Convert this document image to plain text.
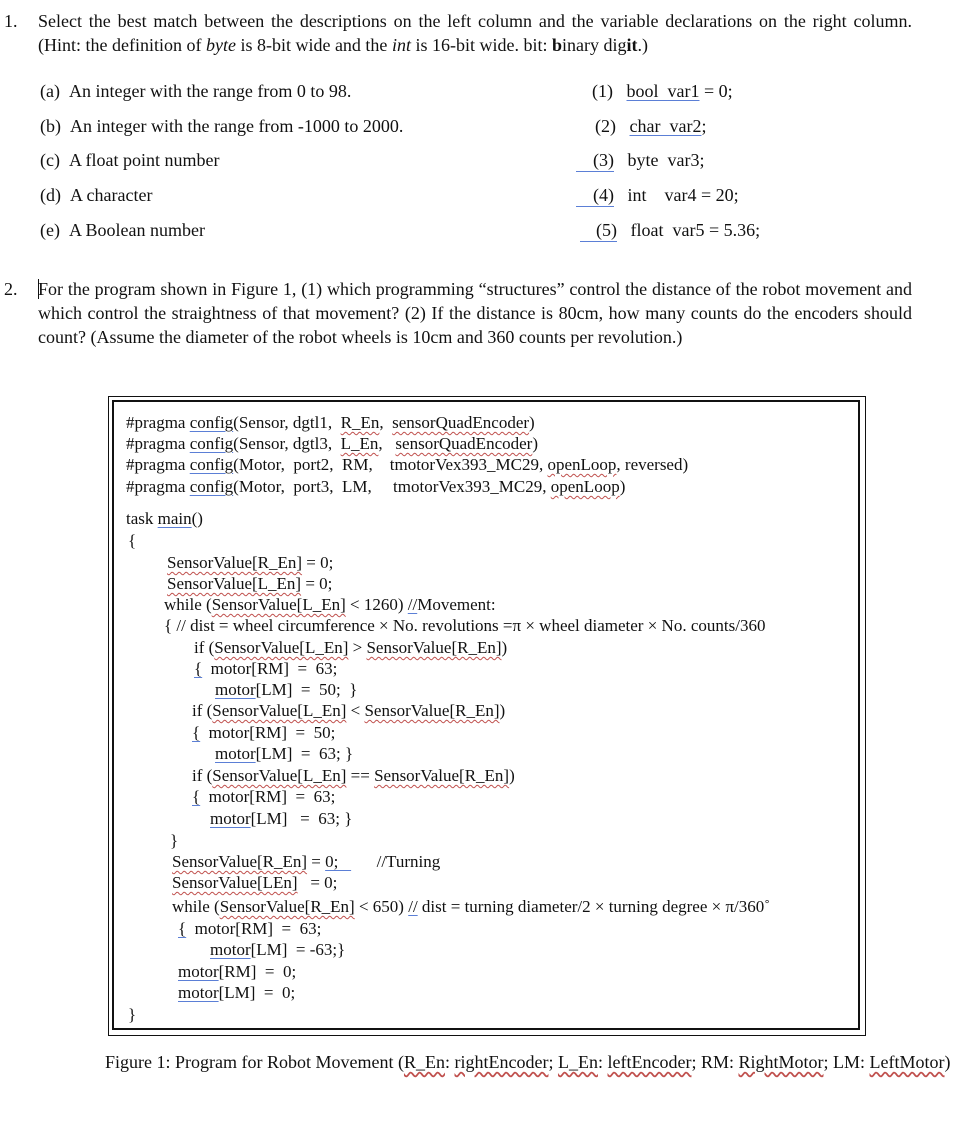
1. Select the best match between the descriptions on the left column and the variable declarations on the right column. (Hint: the definition of byte is 8-bit wide and the int is 16-bit wide. bit: binary digit.)
(a) An integer with the range from 0 to 98.
(b) An integer with the range from -1000 to 2000.
(c) A float point number
(d) A character
(e) A Boolean number
(1) bool var1 = 0;
(2) char var2;
(3) byte var3;
(4) int var4 = 20;
(5) float var5 = 5.36;
2. For the program shown in Figure 1, (1) which programming “structures” control the distance of the robot movement and which control the straightness of that movement? (2) If the distance is 80cm, how many counts do the encoders should count? (Assume the diameter of the robot wheels is 10cm and 360 counts per revolution.)
#pragma config(Sensor, dgtl1,  R_En,  sensorQuadEncoder)
#pragma config(Sensor, dgtl3,  L_En,   sensorQuadEncoder)
#pragma config(Motor,  port2,  RM,    tmotorVex393_MC29, openLoop, reversed)
#pragma config(Motor,  port3,  LM,     tmotorVex393_MC29, openLoop)
task main()
{
SensorValue[R_En] = 0;
SensorValue[L_En] = 0;
while (SensorValue[L_En] < 1260) //Movement:
{ // dist = wheel circumference × No. revolutions =π × wheel diameter × No. counts/360
if (SensorValue[L_En] > SensorValue[R_En])
{  motor[RM]  =  63;
motor[LM]  =  50;  }
if (SensorValue[L_En] < SensorValue[R_En])
{  motor[RM]  =  50;
motor[LM]  =  63; }
if (SensorValue[L_En] == SensorValue[R_En])
{  motor[RM]  =  63;
motor[LM]   =  63; }
}
SensorValue[R_En] = 0;         //Turning
SensorValue[LEn]   = 0;
while (SensorValue[R_En] < 650) // dist = turning diameter/2 × turning degree × π/360˚
{  motor[RM]  =  63;
motor[LM]  = -63;}
motor[RM]  =  0;
motor[LM]  =  0;
}
Figure 1: Program for Robot Movement (R_En: rightEncoder; L_En: leftEncoder; RM: RightMotor; LM: LeftMotor)
